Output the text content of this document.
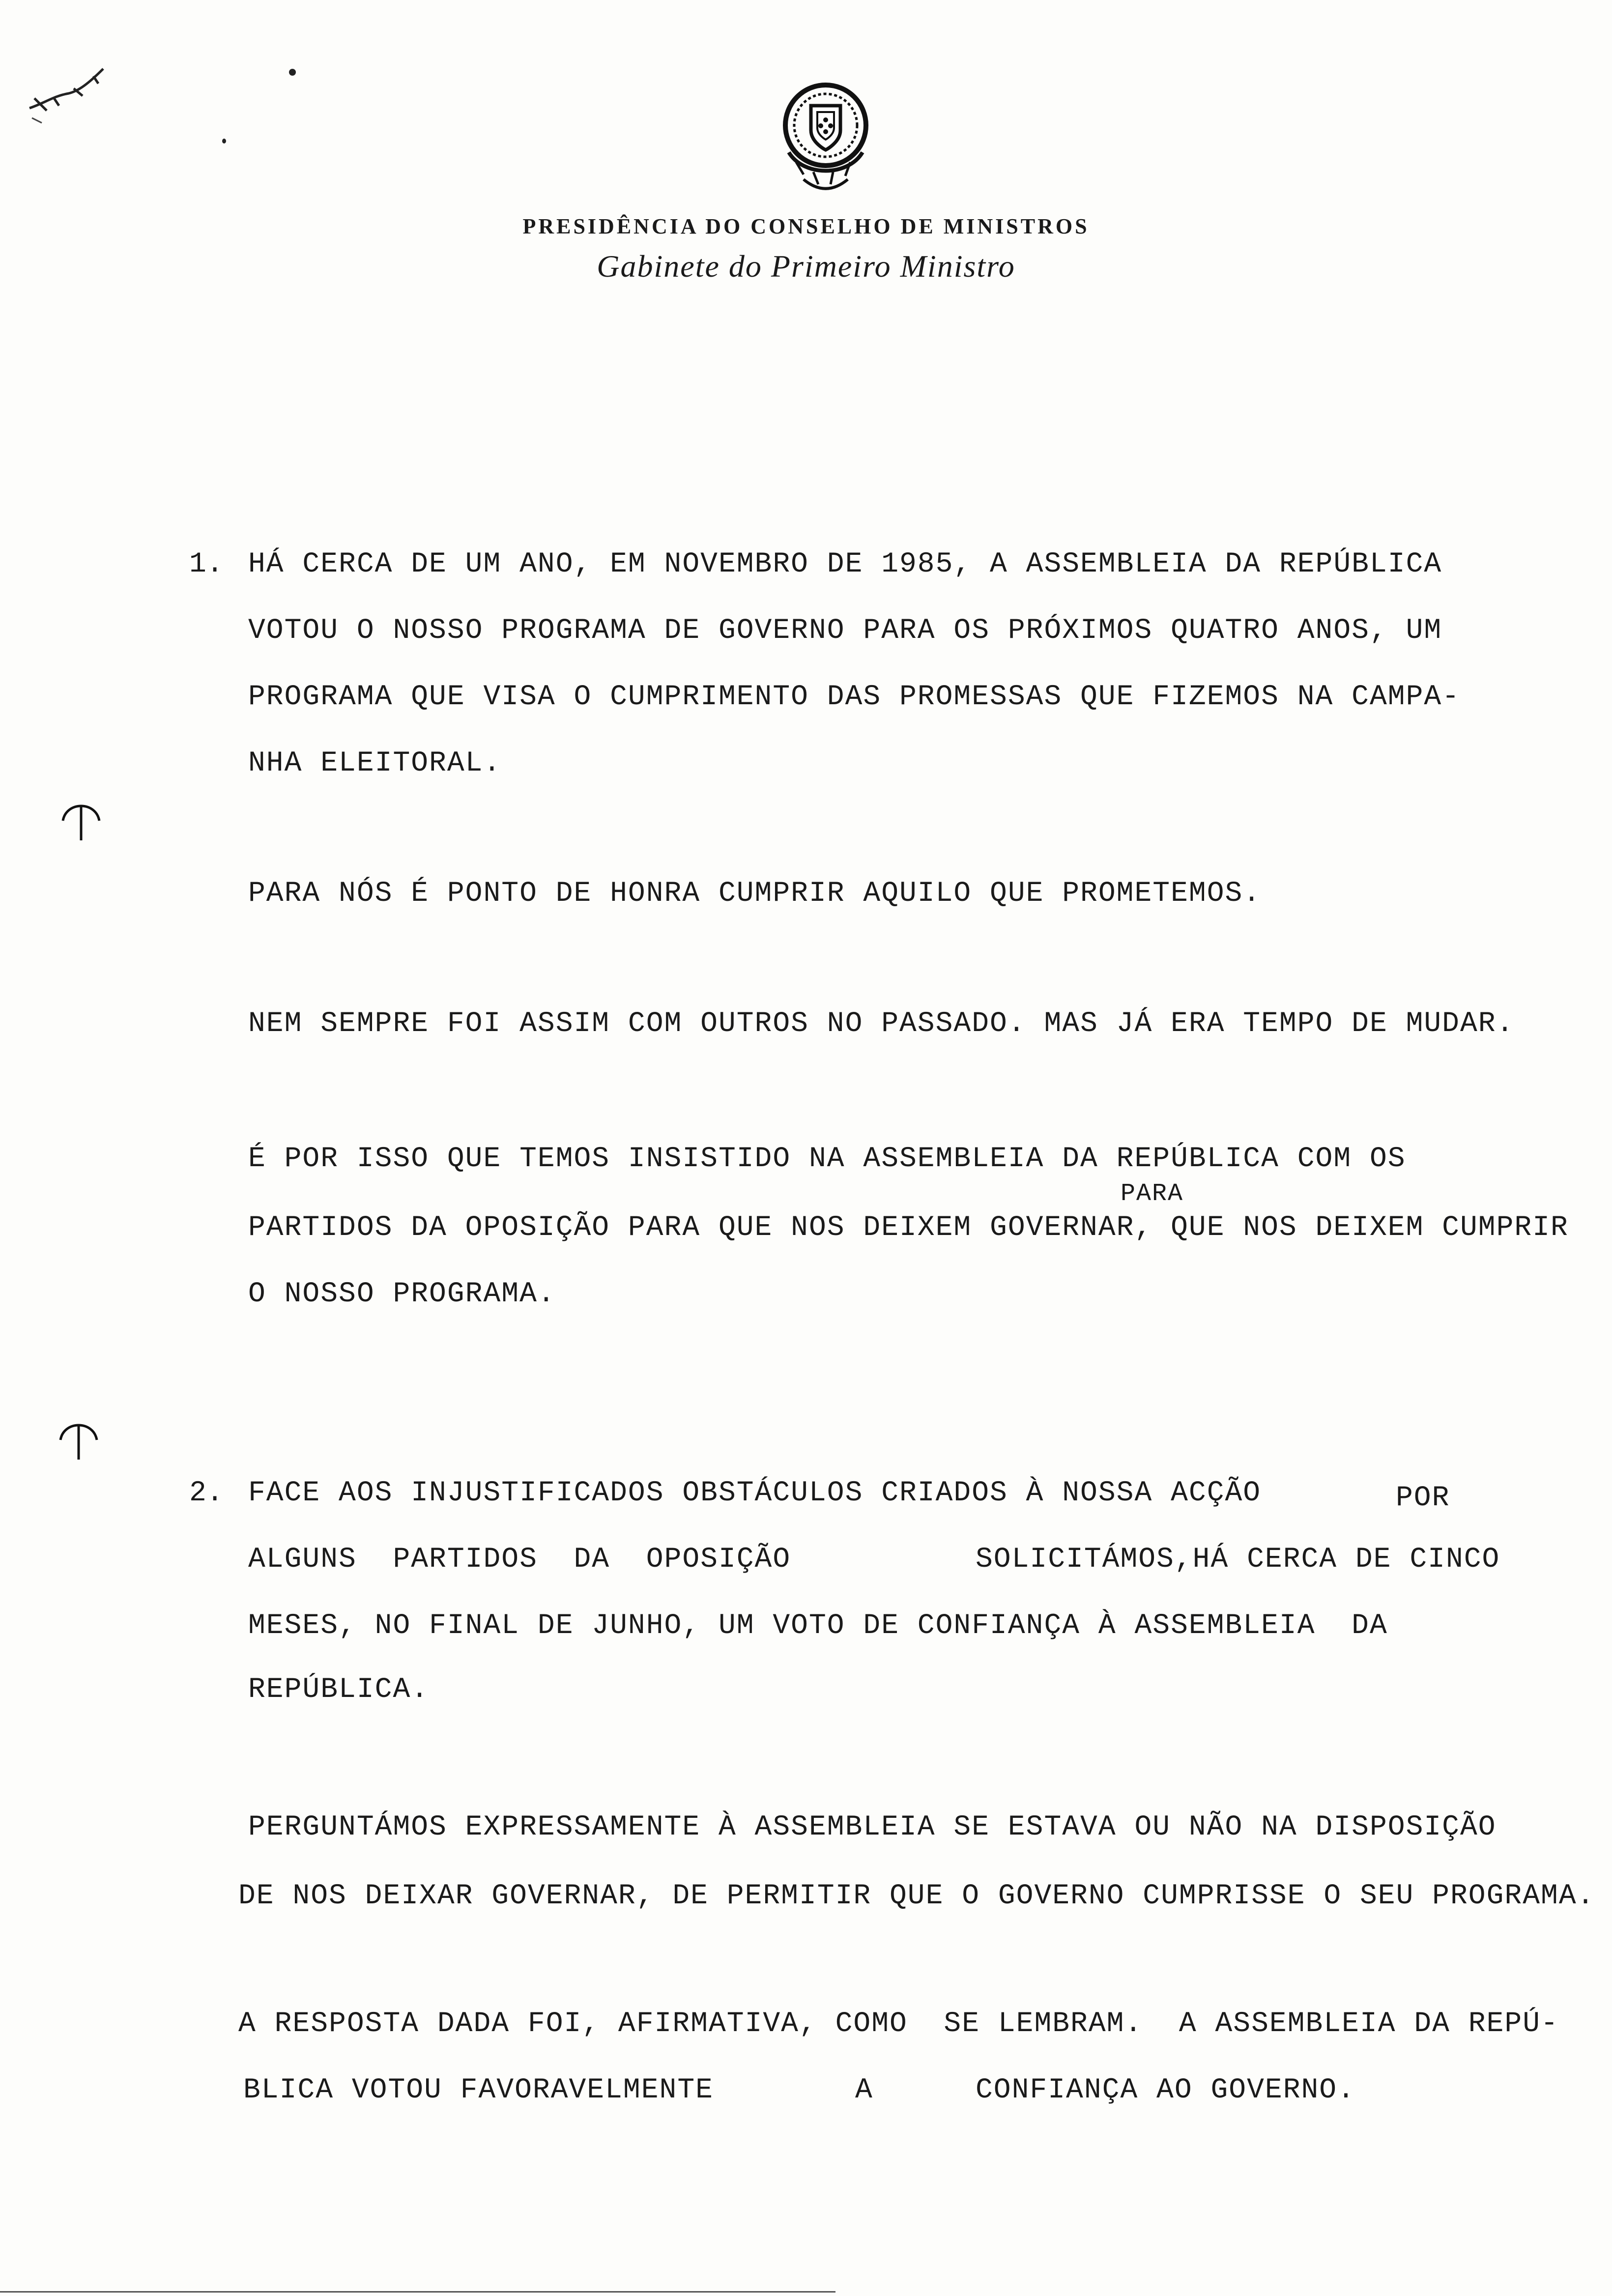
PRESIDÊNCIA DO CONSELHO DE MINISTROS
Gabinete do Primeiro Ministro
1. HÁ CERCA DE UM ANO, EM NOVEMBRO DE 1985, A ASSEMBLEIA DA REPÚBLICA
VOTOU O NOSSO PROGRAMA DE GOVERNO PARA OS PRÓXIMOS QUATRO ANOS, UM
PROGRAMA QUE VISA O CUMPRIMENTO DAS PROMESSAS QUE FIZEMOS NA CAMPA-
NHA ELEITORAL.
PARA NÓS É PONTO DE HONRA CUMPRIR AQUILO QUE PROMETEMOS.
NEM SEMPRE FOI ASSIM COM OUTROS NO PASSADO. MAS JÁ ERA TEMPO DE MUDAR.
É POR ISSO QUE TEMOS INSISTIDO NA ASSEMBLEIA DA REPÚBLICA COM OS
PARA
PARTIDOS DA OPOSIÇÃO PARA QUE NOS DEIXEM GOVERNAR, QUE NOS DEIXEM CUMPRIR
O NOSSO PROGRAMA.
2. FACE AOS INJUSTIFICADOS OBSTÁCULOS CRIADOS À NOSSA ACÇÃO	POR
ALGUNS  PARTIDOS  DA  OPOSIÇÃO	SOLICITÁMOS,HÁ CERCA DE CINCO
MESES, NO FINAL DE JUNHO, UM VOTO DE CONFIANÇA À ASSEMBLEIA  DA
REPÚBLICA.
PERGUNTÁMOS EXPRESSAMENTE À ASSEMBLEIA SE ESTAVA OU NÃO NA DISPOSIÇÃO
DE NOS DEIXAR GOVERNAR, DE PERMITIR QUE O GOVERNO CUMPRISSE O SEU PROGRAMA.
A RESPOSTA DADA FOI, AFIRMATIVA, COMO  SE LEMBRAM.  A ASSEMBLEIA DA REPÚ-
BLICA VOTOU FAVORAVELMENTE	A	CONFIANÇA AO GOVERNO.
